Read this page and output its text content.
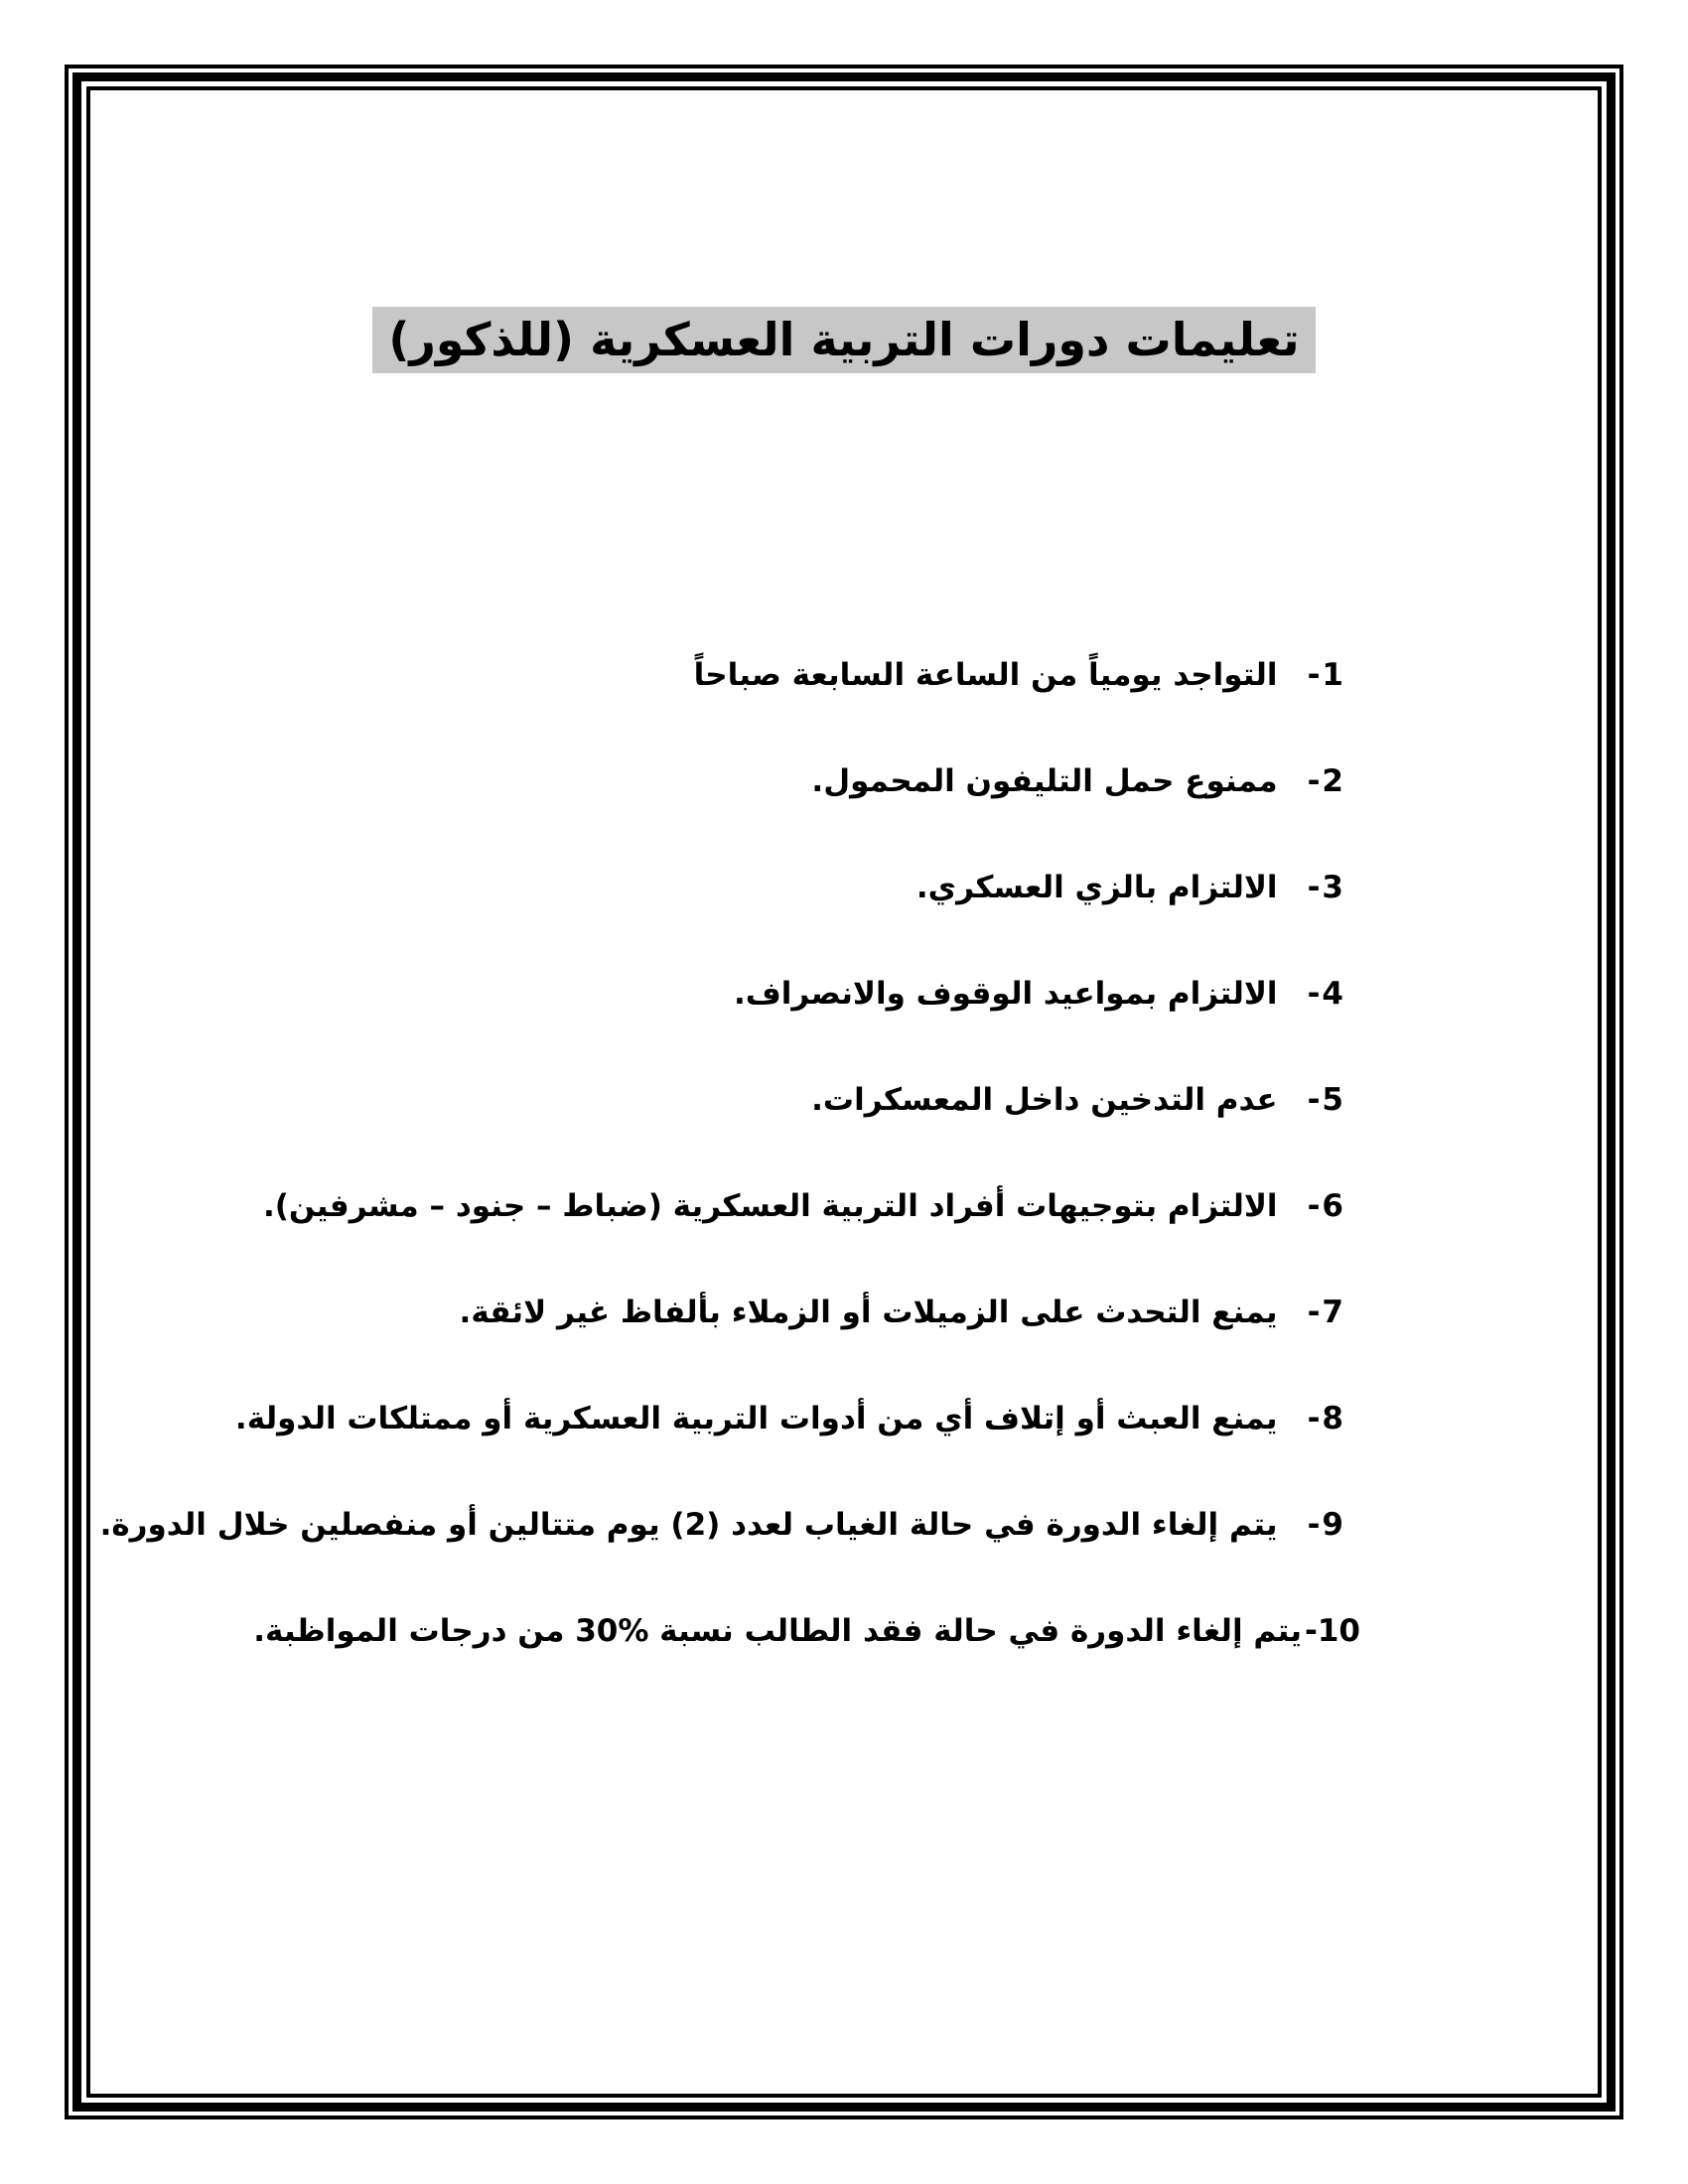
تعليمات دورات التربية العسكرية (للذكور)
-1
التواجد يومياً من الساعة السابعة صباحاً
-2
ممنوع حمل التليفون المحمول.
-3
الالتزام بالزي العسكري.
-4
الالتزام بمواعيد الوقوف والانصراف.
-5
عدم التدخين داخل المعسكرات.
-6
الالتزام بتوجيهات أفراد التربية العسكرية (ضباط – جنود – مشرفين).
-7
يمنع التحدث على الزميلات أو الزملاء بألفاظ غير لائقة.
-8
يمنع العبث أو إتلاف أي من أدوات التربية العسكرية أو ممتلكات الدولة.
-9
يتم إلغاء الدورة في حالة الغياب لعدد (2) يوم متتالين أو منفصلين خلال الدورة.
-10
يتم إلغاء الدورة في حالة فقد الطالب نسبة %30 من درجات المواظبة.
